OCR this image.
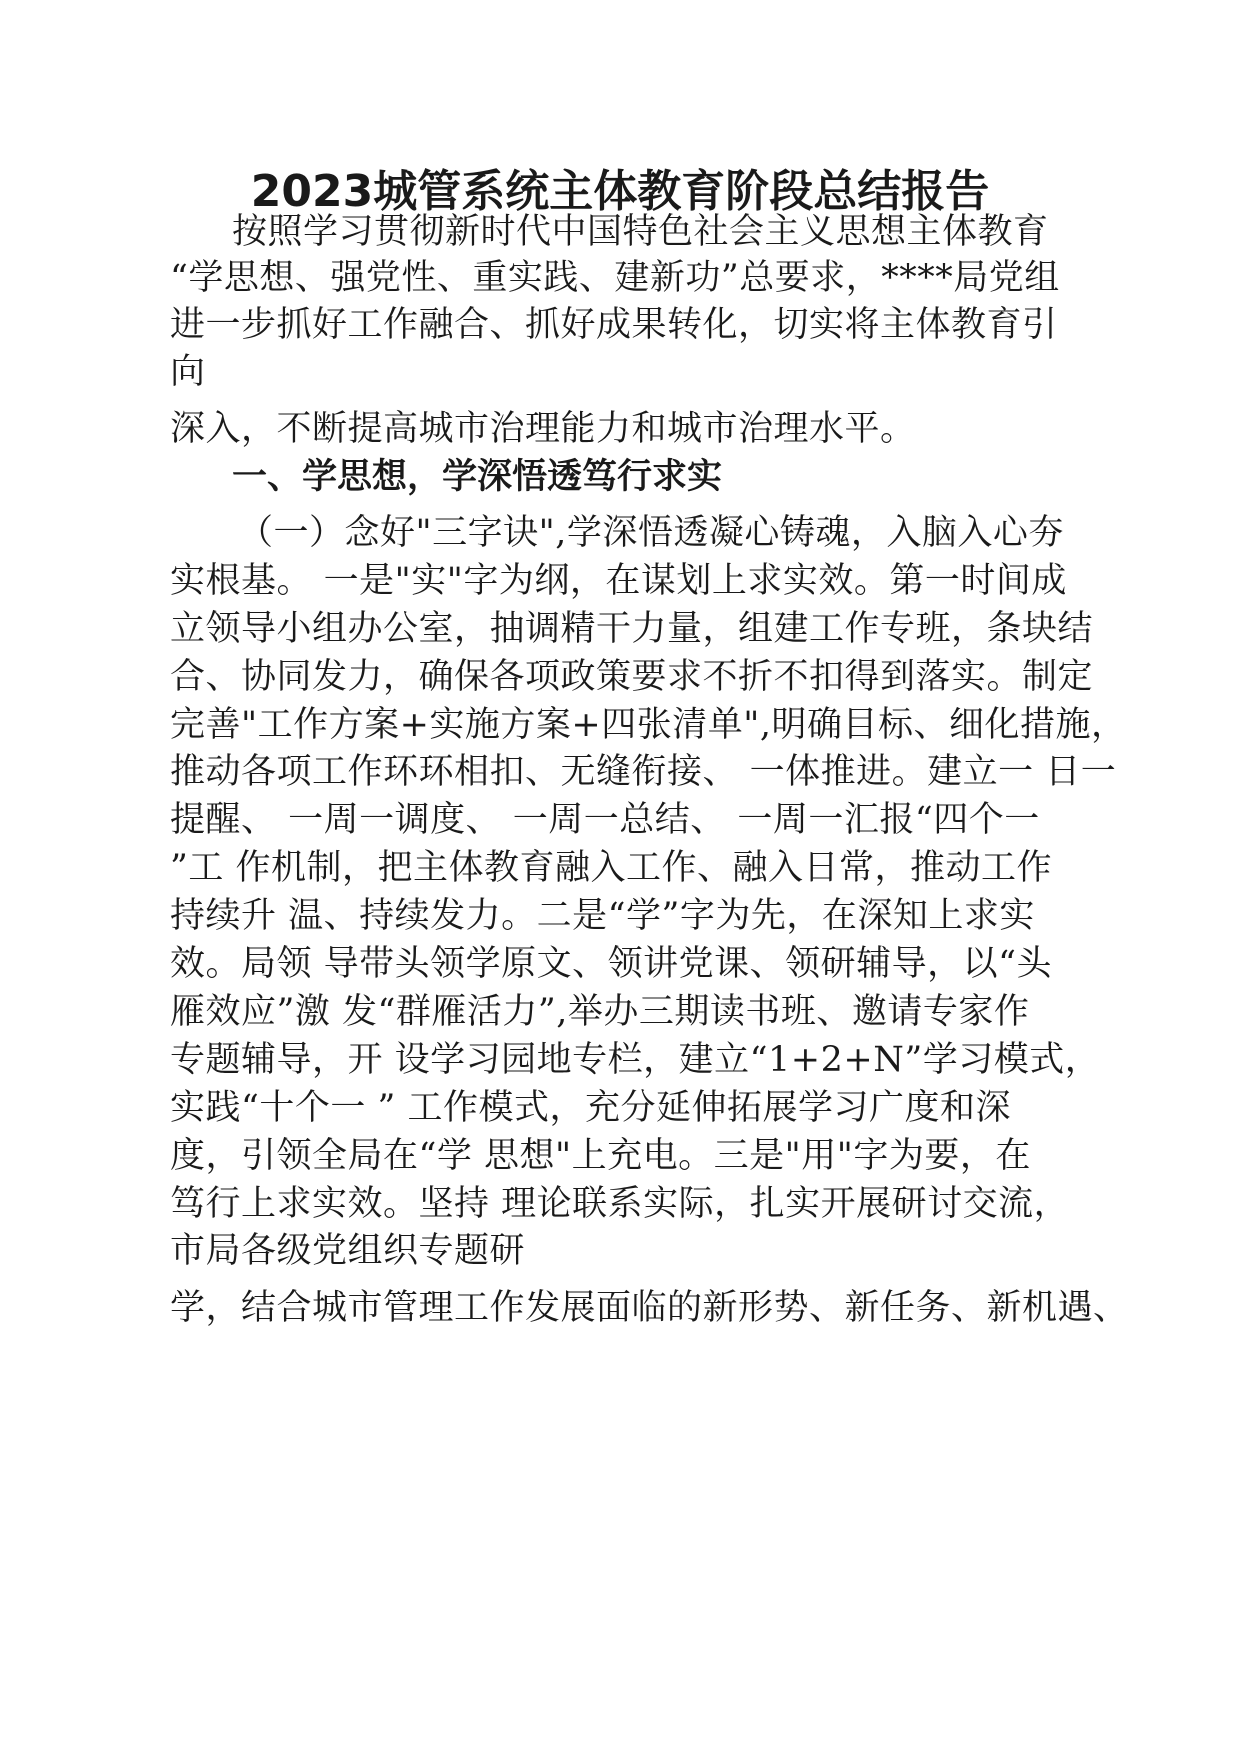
2023城管系统主体教育阶段总结报告
按照学习贯彻新时代中国特色社会主义思想主体教育
“学思想、强党性、重实践、建新功”总要求，****局党组
进一步抓好工作融合、抓好成果转化，切实将主体教育引
向
深入，不断提高城市治理能力和城市治理水平。
一、学思想，学深悟透笃行求实
（一）念好"三字诀",学深悟透凝心铸魂，入脑入心夯
实根基。 一是"实"字为纲，在谋划上求实效。第一时间成
立领导小组办公室，抽调精干力量，组建工作专班，条块结
合、协同发力，确保各项政策要求不折不扣得到落实。制定
完善"工作方案+实施方案+四张清单",明确目标、细化措施，
推动各项工作环环相扣、无缝衔接、 一体推进。建立一 日一
提醒、 一周一调度、 一周一总结、 一周一汇报“四个一
”工 作机制，把主体教育融入工作、融入日常，推动工作
持续升 温、持续发力。二是“学”字为先，在深知上求实
效。局领 导带头领学原文、领讲党课、领研辅导，以“头
雁效应”激 发“群雁活力”,举办三期读书班、邀请专家作
专题辅导，开 设学习园地专栏，建立“1+2+N”学习模式，
实践“十个一 ” 工作模式，充分延伸拓展学习广度和深
度，引领全局在“学 思想"上充电。三是"用"字为要，在
笃行上求实效。坚持 理论联系实际，扎实开展研讨交流，
市局各级党组织专题研
学，结合城市管理工作发展面临的新形势、新任务、新机遇、
